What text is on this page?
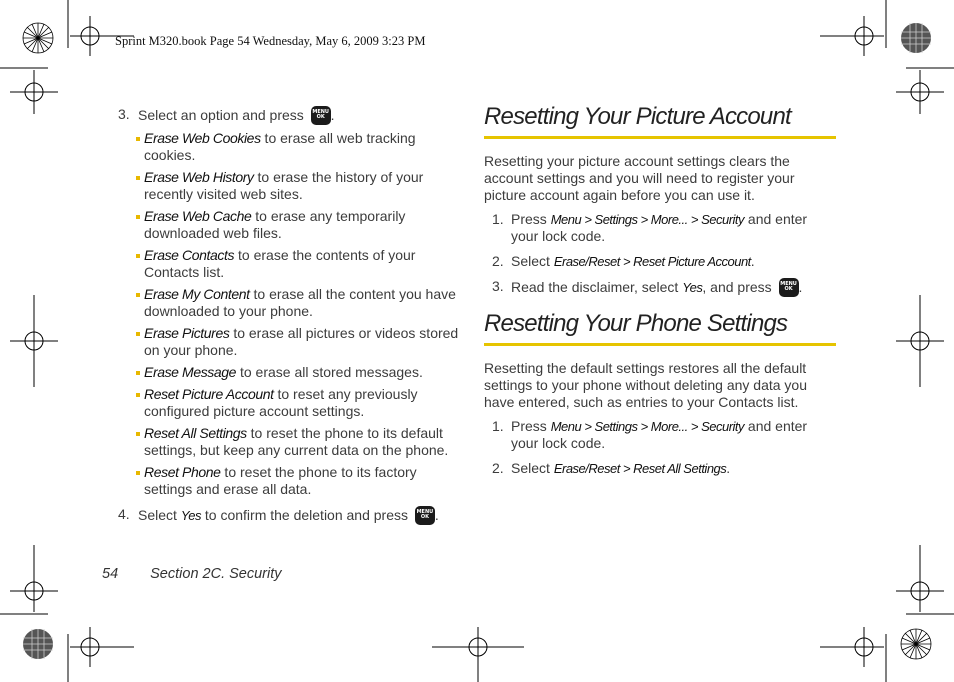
Sprint M320.book Page 54 Wednesday, May 6, 2009 3:23 PM
3. Select an option and press	MENU OK .
Erase Web Cookies to erase all web tracking cookies.
Erase Web History to erase the history of your recently visited web sites.
Erase Web Cache to erase any temporarily downloaded web files.
Erase Contacts to erase the contents of your Contacts list.
Erase My Content to erase all the content you have downloaded to your phone.
Erase Pictures to erase all pictures or videos stored on your phone.
Erase Message to erase all stored messages.
Reset Picture Account to reset any previously configured picture account settings.
Reset All Settings to reset the phone to its default settings, but keep any current data on the phone.
Reset Phone to reset the phone to its factory settings and erase all data.
4. Select Yes to confirm the deletion and press	MENU OK .
Resetting Your Picture Account

Resetting your picture account settings clears the account settings and you will need to register your picture account again before you can use it.

1. Press Menu > Settings > More... > Security and enter your lock code.
2. Select Erase/Reset > Reset Picture Account.
3. Read the disclaimer, select Yes, and press	MENU OK .
Resetting Your Phone Settings

Resetting the default settings restores all the default settings to your phone without deleting any data you have entered, such as entries to your Contacts list.

1. Press Menu > Settings > More... > Security and enter your lock code.
2. Select Erase/Reset > Reset All Settings.
54 Section 2C. Security
